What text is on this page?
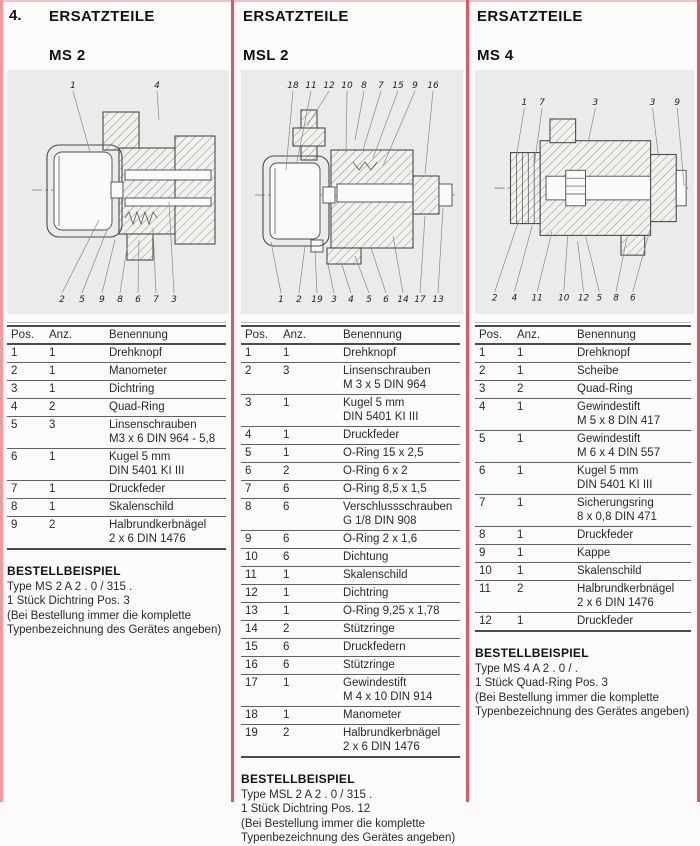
4.	ERSATZTEILE

MS 2
1	4
2 5 9 8 6 7 3
Pos.	Anz.	Benennung
1	1	Drehknopf

2	1	Manometer

3	1	Dichtring

4	2	Quad-Ring

5	3	Linsenschrauben
M3 x 6 DIN 964 - 5,8

6	1	Kugel 5 mm
DIN 5401 KI III

7	1	Druckfeder

8	1	Skalenschild

9	2	Halbrundkerbnägel
2 x 6 DIN 1476
BESTELLBEISPIEL
Type MS 2 A 2 . 0 / 315 .
1 Stück Dichtring Pos. 3
(Bei Bestellung immer die komplette
Typenbezeichnung des Gerätes angeben)
ERSATZTEILE

MSL 2
18 11 12 10 8 7 15 9 16
1 2 19 3 4 5 6 14 17 13
Pos.	Anz.	Benennung
1	1	Drehknopf

2	3	Linsenschrauben
M 3 x 5 DIN 964

3	1	Kugel 5 mm
DIN 5401 KI III

4	1	Druckfeder

5	1	O-Ring 15 x 2,5

6	2	O-Ring 6 x 2

7	6	O-Ring 8,5 x 1,5

8	6	Verschlussschrauben
G 1/8 DIN 908

9	6	O-Ring 2 x 1,6

10	6	Dichtung

11	1	Skalenschild

12	1	Dichtring

13	1	O-Ring 9,25 x 1,78

14	2	Stützringe

15	6	Druckfedern

16	6	Stützringe

17	1	Gewindestift
M 4 x 10 DIN 914

18	1	Manometer

19	2	Halbrundkerbnägel
2 x 6 DIN 1476
BESTELLBEISPIEL
Type MSL 2 A 2 . 0 / 315 .
1 Stück Dichtring Pos. 12
(Bei Bestellung immer die komplette
Typenbezeichnung des Gerätes angeben)
ERSATZTEILE

MS 4
1 7	3	3 9
2 4 11 10 12 5 8 6
Pos.	Anz.	Benennung
1	1	Drehknopf

2	1	Scheibe

3	2	Quad-Ring

4	1	Gewindestift
M 5 x 8 DIN 417

5	1	Gewindestift
M 6 x 4 DIN 557

6	1	Kugel 5 mm
DIN 5401 KI III

7	1	Sicherungsring
8 x 0,8 DIN 471

8	1	Druckfeder

9	1	Kappe

10	1	Skalenschild

11	2	Halbrundkerbnägel
2 x 6 DIN 1476

12	1	Druckfeder
BESTELLBEISPIEL
Type MS 4 A 2 . 0 / .
1 Stück Quad-Ring Pos. 3
(Bei Bestellung immer die komplette
Typenbezeichnung des Gerätes angeben)
